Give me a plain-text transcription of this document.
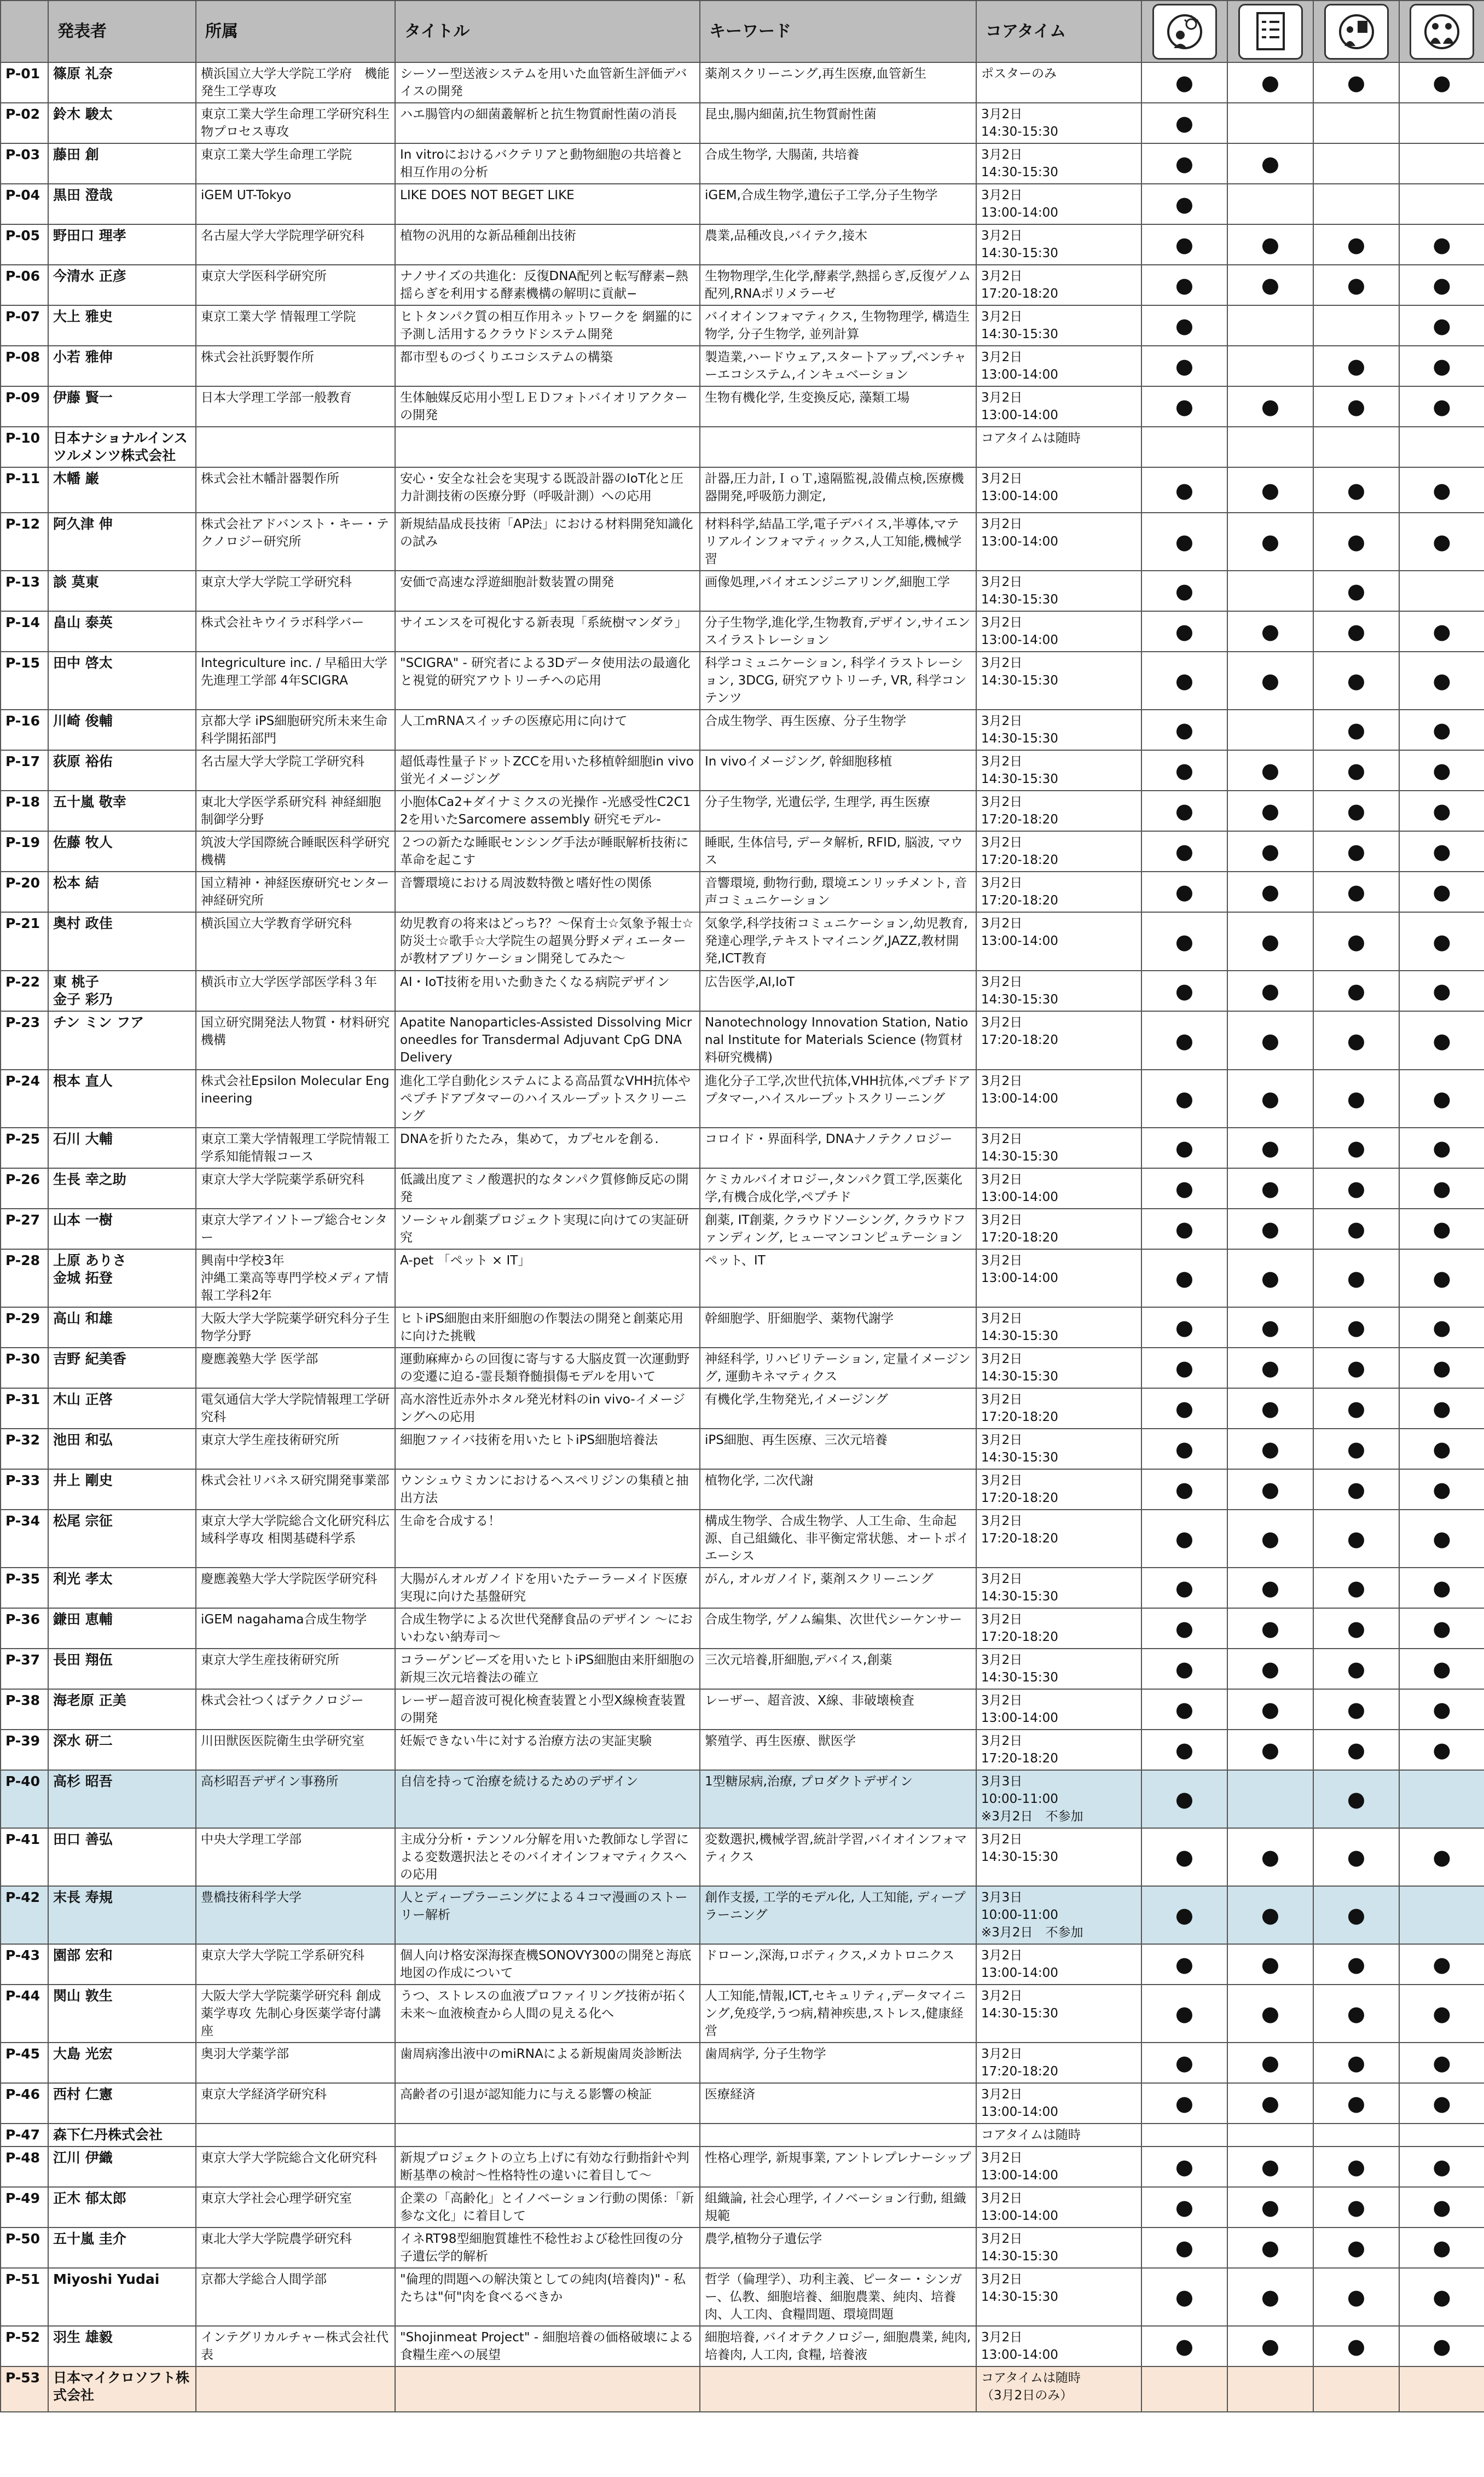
	発表者	所属	タイトル	キーワード	コアタイム				
P-01	篠原 礼奈	横浜国立大学大学院工学府　機能発生工学専攻	シーソー型送液システムを用いた血管新生評価デバイスの開発	薬剤スクリーニング,再生医療,血管新生	ポスターのみ	●	●	●	●
P-02	鈴木 駿太	東京工業大学生命理工学研究科生物プロセス専攻	ハエ腸管内の細菌叢解析と抗生物質耐性菌の消長	昆虫,腸内細菌,抗生物質耐性菌	3月2日
14:30-15:30	●			
P-03	藤田 創	東京工業大学生命理工学院	In vitroにおけるバクテリアと動物細胞の共培養と相互作用の分析	合成生物学, 大腸菌, 共培養	3月2日
14:30-15:30	●	●		
P-04	黒田 澄哉	iGEM UT-Tokyo	LIKE DOES NOT BEGET LIKE	iGEM,合成生物学,遺伝子工学,分子生物学	3月2日
13:00-14:00	●			
P-05	野田口 理孝	名古屋大学大学院理学研究科	植物の汎用的な新品種創出技術	農業,品種改良,バイテク,接木	3月2日
14:30-15:30	●	●	●	●
P-06	今清水 正彦	東京大学医科学研究所	ナノサイズの共進化：反復DNA配列と転写酵素−熱揺らぎを利用する酵素機構の解明に貢献−	生物物理学,生化学,酵素学,熱揺らぎ,反復ゲノム配列,RNAポリメラーゼ	3月2日
17:20-18:20	●	●	●	●
P-07	大上 雅史	東京工業大学 情報理工学院	ヒトタンパク質の相互作用ネットワークを 網羅的に予測し活用するクラウドシステム開発	バイオインフォマティクス, 生物物理学, 構造生物学, 分子生物学, 並列計算	3月2日
14:30-15:30	●			●
P-08	小若 雅伸	株式会社浜野製作所	都市型ものづくりエコシステムの構築	製造業,ハードウェア,スタートアップ,ベンチャーエコシステム,インキュベーション	3月2日
13:00-14:00	●		●	●
P-09	伊藤 賢一	日本大学理工学部一般教育	生体触媒反応用小型ＬＥＤフォトバイオリアクターの開発	生物有機化学, 生変換反応, 藻類工場	3月2日
13:00-14:00	●	●	●	●
P-10	日本ナショナルインスツルメンツ株式会社				コアタイムは随時				
P-11	木幡 巌	株式会社木幡計器製作所	安心・安全な社会を実現する既設計器のIoT化と圧力計測技術の医療分野（呼吸計測）への応用	計器,圧力計,ＩｏＴ,遠隔監視,設備点検,医療機器開発,呼吸筋力測定,	3月2日
13:00-14:00	●	●	●	●
P-12	阿久津 伸	株式会社アドバンスト・キー・テクノロジー研究所	新規結晶成長技術「AP法」における材料開発知識化の試み	材料科学,結晶工学,電子デバイス,半導体,マテリアルインフォマティックス,人工知能,機械学習	3月2日
13:00-14:00	●	●	●	●
P-13	談 莫東	東京大学大学院工学研究科	安価で高速な浮遊細胞計数装置の開発	画像処理,バイオエンジニアリング,細胞工学	3月2日
14:30-15:30	●		●	
P-14	畠山 泰英	株式会社キウイラボ科学バー	サイエンスを可視化する新表現「系統樹マンダラ」	分子生物学,進化学,生物教育,デザイン,サイエンスイラストレーション	3月2日
13:00-14:00	●	●	●	●
P-15	田中 啓太	Integriculture inc. / 早稲田大学先進理工学部 4年SCIGRA	"SCIGRA" - 研究者による3Dデータ使用法の最適化と視覚的研究アウトリーチへの応用	科学コミュニケーション, 科学イラストレーション, 3DCG, 研究アウトリーチ, VR, 科学コンテンツ	3月2日
14:30-15:30	●	●	●	●
P-16	川崎 俊輔	京都大学 iPS細胞研究所未来生命科学開拓部門	人工mRNAスイッチの医療応用に向けて	合成生物学、再生医療、分子生物学	3月2日
14:30-15:30	●		●	●
P-17	荻原 裕佑	名古屋大学大学院工学研究科	超低毒性量子ドットZCCを用いた移植幹細胞in vivo蛍光イメージング	In vivoイメージング, 幹細胞移植	3月2日
14:30-15:30	●	●	●	●
P-18	五十嵐 敬幸	東北大学医学系研究科 神経細胞制御学分野	小胞体Ca2+ダイナミクスの光操作 -光感受性C2C12を用いたSarcomere assembly 研究モデル-	分子生物学, 光遺伝学, 生理学, 再生医療	3月2日
17:20-18:20	●	●	●	●
P-19	佐藤 牧人	筑波大学国際統合睡眠医科学研究機構	２つの新たな睡眠センシング手法が睡眠解析技術に革命を起こす	睡眠, 生体信号, データ解析, RFID, 脳波, マウス	3月2日
17:20-18:20	●	●	●	●
P-20	松本 結	国立精神・神経医療研究センター神経研究所	音響環境における周波数特徴と嗜好性の関係	音響環境, 動物行動, 環境エンリッチメント, 音声コミュニケーション	3月2日
17:20-18:20	●	●	●	●
P-21	奥村 政佳	横浜国立大学教育学研究科	幼児教育の将来はどっち?？〜保育士☆気象予報士☆防災士☆歌手☆大学院生の超異分野メディエーターが教材アプリケーション開発してみた〜	気象学,科学技術コミュニケーション,幼児教育,発達心理学,テキストマイニング,JAZZ,教材開発,ICT教育	3月2日
13:00-14:00	●	●	●	●
P-22	東 桃子
金子 彩乃	横浜市立大学医学部医学科３年	AI・IoT技術を用いた動きたくなる病院デザイン	広告医学,AI,IoT	3月2日
14:30-15:30	●	●	●	●
P-23	チン ミン フア	国立研究開発法人物質・材料研究機構	Apatite Nanoparticles-Assisted Dissolving Microneedles for Transdermal Adjuvant CpG DNA Delivery	Nanotechnology Innovation Station, National Institute for Materials Science (物質材料研究機構)	3月2日
17:20-18:20	●	●	●	●
P-24	根本 直人	株式会社Epsilon Molecular Engineering	進化工学自動化システムによる高品質なVHH抗体やペプチドアプタマーのハイスループットスクリーニング	進化分子工学,次世代抗体,VHH抗体,ペプチドアプタマー,ハイスループットスクリーニング	3月2日
13:00-14:00	●	●	●	●
P-25	石川 大輔	東京工業大学情報理工学院情報工学系知能情報コース	DNAを折りたたみ，集めて，カプセルを創る.	コロイド・界面科学, DNAナノテクノロジー	3月2日
14:30-15:30	●	●	●	●
P-26	生長 幸之助	東京大学大学院薬学系研究科	低識出度アミノ酸選択的なタンパク質修飾反応の開発	ケミカルバイオロジー,タンパク質工学,医薬化学,有機合成化学,ペプチド	3月2日
13:00-14:00	●	●	●	●
P-27	山本 一樹	東京大学アイソトープ総合センター	ソーシャル創薬プロジェクト実現に向けての実証研究	創薬, IT創薬, クラウドソーシング, クラウドファンディング, ヒューマンコンピュテーション	3月2日
17:20-18:20	●	●	●	●
P-28	上原 ありさ
金城 拓登	興南中学校3年
沖縄工業高等専門学校メディア情報工学科2年	A-pet 「ペット × IT」	ペット、IT	3月2日
13:00-14:00	●	●	●	●
P-29	高山 和雄	大阪大学大学院薬学研究科分子生物学分野	ヒトiPS細胞由来肝細胞の作製法の開発と創薬応用に向けた挑戦	幹細胞学、肝細胞学、薬物代謝学	3月2日
14:30-15:30	●	●	●	●
P-30	吉野 紀美香	慶應義塾大学 医学部	運動麻痺からの回復に寄与する大脳皮質一次運動野の変遷に迫る-霊長類脊髄損傷モデルを用いて	神経科学, リハビリテーション, 定量イメージング, 運動キネマティクス	3月2日
14:30-15:30	●	●	●	●
P-31	木山 正啓	電気通信大学大学院情報理工学研究科	高水溶性近赤外ホタル発光材料のin vivo-イメージングへの応用	有機化学,生物発光,イメージング	3月2日
17:20-18:20	●	●	●	●
P-32	池田 和弘	東京大学生産技術研究所	細胞ファイバ技術を用いたヒトiPS細胞培養法	iPS細胞、再生医療、三次元培養	3月2日
14:30-15:30	●	●	●	●
P-33	井上 剛史	株式会社リバネス研究開発事業部	ウンシュウミカンにおけるヘスペリジンの集積と抽出方法	植物化学, 二次代謝	3月2日
17:20-18:20	●	●	●	●
P-34	松尾 宗征	東京大学大学院総合文化研究科広域科学専攻 相関基礎科学系	生命を合成する！	構成生物学、合成生物学、人工生命、生命起源、自己組織化、非平衡定常状態、オートポイエーシス	3月2日
17:20-18:20	●	●	●	●
P-35	利光 孝太	慶應義塾大学大学院医学研究科	大腸がんオルガノイドを用いたテーラーメイド医療実現に向けた基盤研究	がん, オルガノイド, 薬剤スクリーニング	3月2日
14:30-15:30	●	●	●	●
P-36	鎌田 恵輔	iGEM nagahama合成生物学	合成生物学による次世代発酵食品のデザイン 〜においわない納寿司〜	合成生物学, ゲノム編集、次世代シーケンサー	3月2日
17:20-18:20	●	●	●	●
P-37	長田 翔伍	東京大学生産技術研究所	コラーゲンビーズを用いたヒトiPS細胞由来肝細胞の新規三次元培養法の確立	三次元培養,肝細胞,デバイス,創薬	3月2日
14:30-15:30	●	●	●	●
P-38	海老原 正美	株式会社つくばテクノロジー	レーザー超音波可視化検査装置と小型X線検査装置の開発	レーザー、超音波、X線、非破壊検査	3月2日
13:00-14:00	●	●	●	●
P-39	深水 研二	川田獣医医院衛生虫学研究室	妊娠できない牛に対する治療方法の実証実験	繁殖学、再生医療、獣医学	3月2日
17:20-18:20	●	●	●	●
P-40	高杉 昭吾	高杉昭吾デザイン事務所	自信を持って治療を続けるためのデザイン	1型糖尿病,治療, プロダクトデザイン	3月3日
10:00-11:00
※3月2日　不参加	●		●	
P-41	田口 善弘	中央大学理工学部	主成分分析・テンソル分解を用いた教師なし学習による変数選択法とそのバイオインフォマティクスへの応用	変数選択,機械学習,統計学習,バイオインフォマティクス	3月2日
14:30-15:30	●	●	●	●
P-42	末長 寿規	豊橋技術科学大学	人とディープラーニングによる４コマ漫画のストーリー解析	創作支援, 工学的モデル化, 人工知能, ディープラーニング	3月3日
10:00-11:00
※3月2日　不参加	●	●	●	
P-43	園部 宏和	東京大学大学院工学系研究科	個人向け格安深海探査機SONOVY300の開発と海底地図の作成について	ドローン,深海,ロボティクス,メカトロニクス	3月2日
13:00-14:00	●	●	●	●
P-44	関山 敦生	大阪大学大学院薬学研究科 創成薬学専攻 先制心身医薬学寄付講座	うつ、ストレスの血液プロファイリング技術が拓く未来〜血液検査から人間の見える化へ	人工知能,情報,ICT,セキュリティ,データマイニング,免疫学,うつ病,精神疾患,ストレス,健康経営	3月2日
14:30-15:30	●	●	●	●
P-45	大島 光宏	奥羽大学薬学部	歯周病滲出液中のmiRNAによる新規歯周炎診断法	歯周病学, 分子生物学	3月2日
17:20-18:20	●	●	●	●
P-46	西村 仁憲	東京大学経済学研究科	高齢者の引退が認知能力に与える影響の検証	医療経済	3月2日
13:00-14:00	●	●	●	●
P-47	森下仁丹株式会社				コアタイムは随時				
P-48	江川 伊織	東京大学大学院総合文化研究科	新規プロジェクトの立ち上げに有効な行動指針や判断基準の検討〜性格特性の違いに着目して〜	性格心理学, 新規事業, アントレプレナーシップ	3月2日
13:00-14:00	●	●	●	●
P-49	正木 郁太郎	東京大学社会心理学研究室	企業の「高齢化」とイノベーション行動の関係：「新参な文化」に着目して	組織論, 社会心理学, イノベーション行動, 組織規範	3月2日
13:00-14:00	●	●	●	●
P-50	五十嵐 圭介	東北大学大学院農学研究科	イネRT98型細胞質雄性不稔性および稔性回復の分子遺伝学的解析	農学,植物分子遺伝学	3月2日
14:30-15:30	●	●	●	●
P-51	Miyoshi Yudai	京都大学総合人間学部	"倫理的問題への解決策としての純肉(培養肉)" - 私たちは"何"肉を食べるべきか	哲学（倫理学）、功利主義、ピーター・シンガー、仏教、細胞培養、細胞農業、純肉、培養肉、人工肉、食糧問題、環境問題	3月2日
14:30-15:30	●	●	●	●
P-52	羽生 雄毅	インテグリカルチャー株式会社代表	"Shojinmeat Project" - 細胞培養の価格破壊による食糧生産への展望	細胞培養, バイオテクノロジー, 細胞農業, 純肉, 培養肉, 人工肉, 食糧, 培養液	3月2日
13:00-14:00	●	●	●	●
P-53	日本マイクロソフト株式会社				コアタイムは随時
（3月2日のみ）				
